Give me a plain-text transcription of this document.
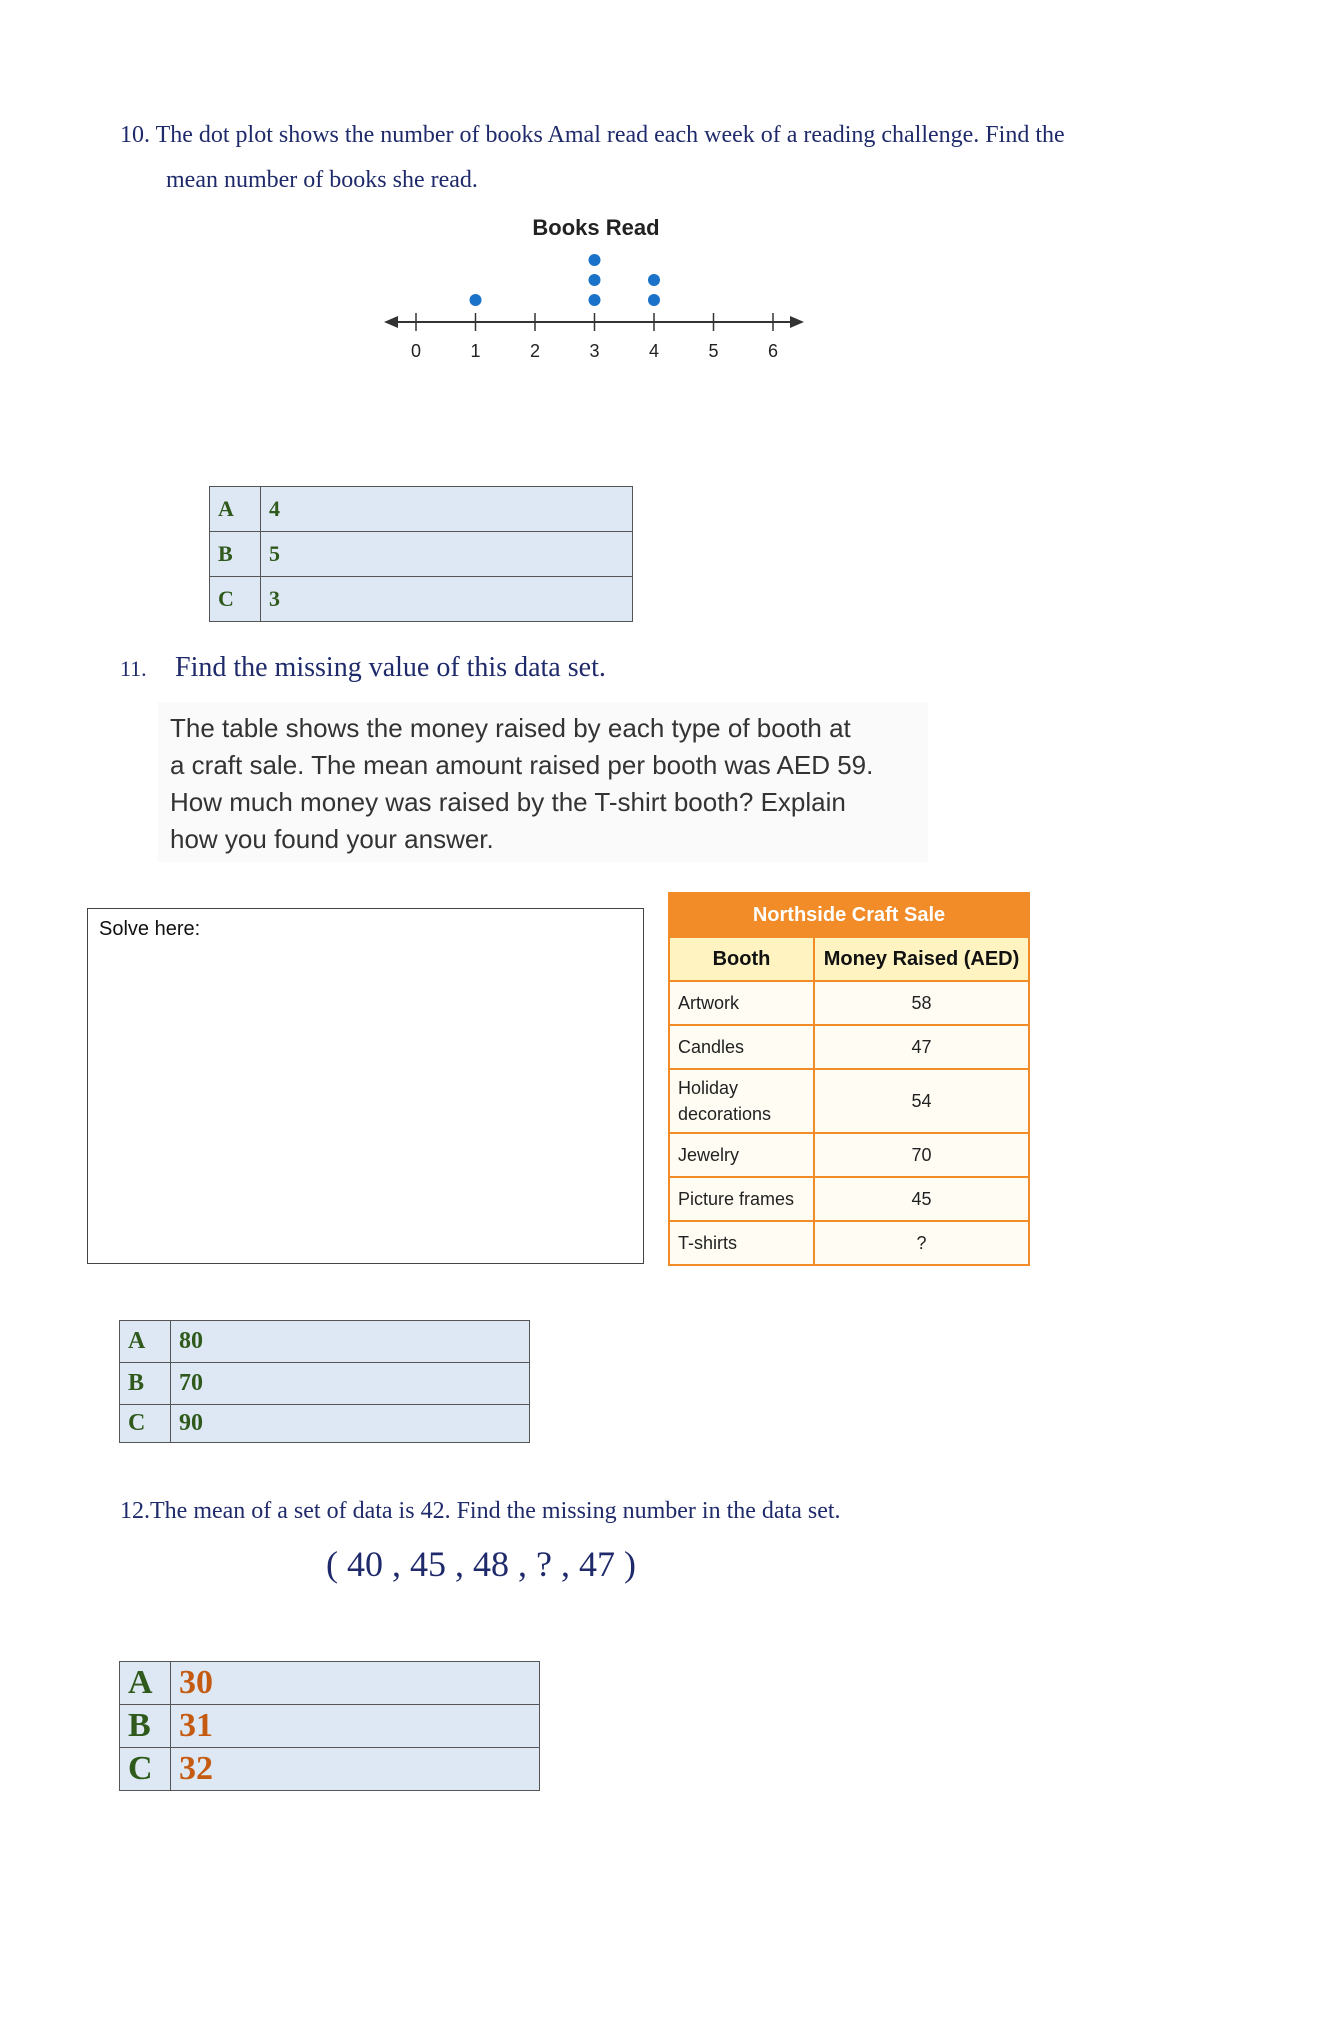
10. The dot plot shows the number of books Amal read each week of a reading challenge. Find the
mean number of books she read.
Books Read
0	1	2	3	4	5	6
A	4
B	5
C	3
11. Find the missing value of this data set.
The table shows the money raised by each type of booth at
a craft sale. The mean amount raised per booth was AED 59.
How much money was raised by the T-shirt booth? Explain
how you found your answer.
Solve here:
Northside Craft Sale	
Booth	Money Raised (AED)
Artwork	58
Candles	47
Holiday decorations	54
Jewelry	70
Picture frames	45
T-shirts	?
A	80
B	70
C	90
12.The mean of a set of data is 42. Find the missing number in the data set.
( 40 , 45 , 48 , ? , 47 )
A	30
B	31
C	32
